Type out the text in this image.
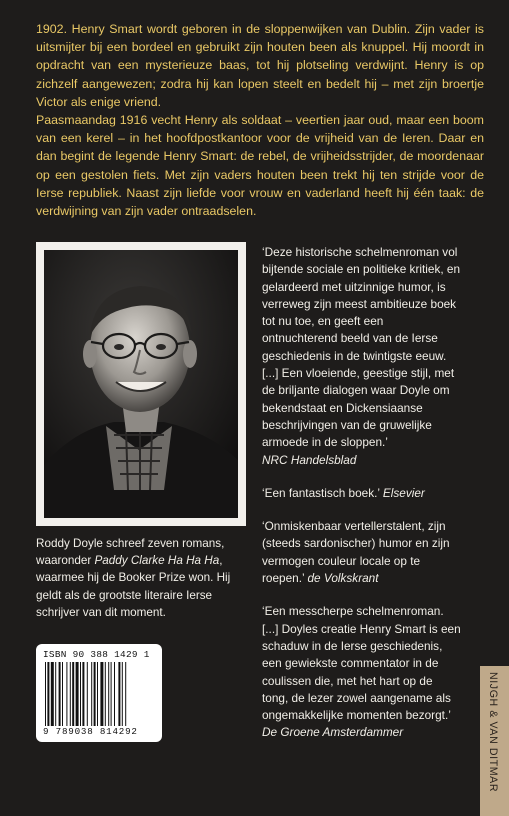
1902. Henry Smart wordt geboren in de sloppenwijken van Dublin. Zijn vader is uitsmijter bij een bordeel en gebruikt zijn houten been als knuppel. Hij moordt in opdracht van een mysterieuze baas, tot hij plotseling verdwijnt. Henry is op zichzelf aangewezen; zodra hij kan lopen steelt en bedelt hij – met zijn broertje Victor als enige vriend.

Paasmaandag 1916 vecht Henry als soldaat – veertien jaar oud, maar een boom van een kerel – in het hoofdpostkantoor voor de vrijheid van de Ieren. Daar en dan begint de legende Henry Smart: de rebel, de vrijheidsstrijder, de moordenaar op een gestolen fiets. Met zijn vaders houten been trekt hij ten strijde voor de Ierse republiek. Naast zijn liefde voor vrouw en vaderland heeft hij één taak: de verdwijning van zijn vader ontraadselen.

Roddy Doyle schreef zeven romans, waaronder Paddy Clarke Ha Ha Ha, waarmee hij de Booker Prize won. Hij geldt als de grootste literaire Ierse schrijver van dit moment.

‘Deze historische schelmenroman vol bijtende sociale en politieke kritiek, en gelardeerd met uitzinnige humor, is verreweg zijn meest ambitieuze boek tot nu toe, en geeft een ontnuchterend beeld van de Ierse geschiedenis in de twintigste eeuw. [...] Een vloeiende, geestige stijl, met de briljante dialogen waar Doyle om bekendstaat en Dickensiaanse beschrijvingen van de gruwelijke armoede in de sloppen.’
NRC Handelsblad

‘Een fantastisch boek.’ Elsevier

‘Onmiskenbaar vertellerstalent, zijn (steeds sardonischer) humor en zijn vermogen couleur locale op te roepen.’ de Volkskrant

‘Een messcherpe schelmenroman. [...] Doyles creatie Henry Smart is een schaduw in de Ierse geschiedenis, een gewiekste commentator in de coulissen die, met het hart op de tong, de lezer zowel aangename als ongemakkelijke momenten bezorgt.’ De Groene Amsterdammer

ISBN 90 388 1429 1
9 789038 814292	NIJGH & VAN DITMAR
